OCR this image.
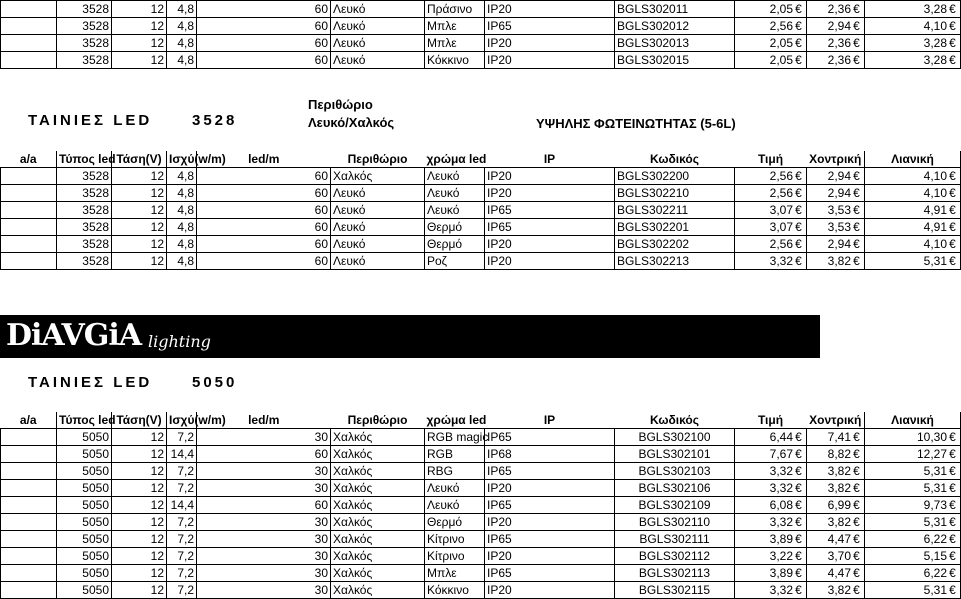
	3528	12	4,8	60	Λευκό	Πράσινο	IP20	BGLS302011	2,05 €	2,36 €	3,28 €
	3528	12	4,8	60	Λευκό	Μπλε	IP65	BGLS302012	2,56 €	2,94 €	4,10 €
	3528	12	4,8	60	Λευκό	Μπλε	IP20	BGLS302013	2,05 €	2,36 €	3,28 €
	3528	12	4,8	60	Λευκό	Κόκκινο	IP20	BGLS302015	2,05 €	2,36 €	3,28 €
ΤΑΙΝΙΕΣ LED	3528
Περιθώριο
Λευκό/Χαλκός	ΥΨΗΛΗΣ ΦΩΤΕΙΝΩΤΗΤΑΣ (5-6L)
a/a	Τύπος led	Τάση(V)	Ισχύ(w/m)	led/m	Περιθώριο	χρώμα led	IP	Κωδικός	Τιμή	Χοντρική	Λιανική
	3528	12	4,8	60	Χαλκός	Λευκό	IP20	BGLS302200	2,56 €	2,94 €	4,10 €
	3528	12	4,8	60	Λευκό	Λευκό	IP20	BGLS302210	2,56 €	2,94 €	4,10 €
	3528	12	4,8	60	Λευκό	Λευκό	IP65	BGLS302211	3,07 €	3,53 €	4,91 €
	3528	12	4,8	60	Λευκό	Θερμό	IP65	BGLS302201	3,07 €	3,53 €	4,91 €
	3528	12	4,8	60	Λευκό	Θερμό	IP20	BGLS302202	2,56 €	2,94 €	4,10 €
	3528	12	4,8	60	Λευκό	Ροζ	IP20	BGLS302213	3,32 €	3,82 €	5,31 €
DiAVGiA lighting
ΤΑΙΝΙΕΣ LED	5050
a/a	Τύπος led	Τάση(V)	Ισχύ(w/m)	led/m	Περιθώριο	χρώμα led	IP	Κωδικός	Τιμή	Χοντρική	Λιανική
	5050	12	7,2	30	Χαλκός	RGB magic	IP65	BGLS302100	6,44 €	7,41 €	10,30 €
	5050	12	14,4	60	Χαλκός	RGB	IP68	BGLS302101	7,67 €	8,82 €	12,27 €
	5050	12	7,2	30	Χαλκός	RBG	IP65	BGLS302103	3,32 €	3,82 €	5,31 €
	5050	12	7,2	30	Χαλκός	Λευκό	IP20	BGLS302106	3,32 €	3,82 €	5,31 €
	5050	12	14,4	60	Χαλκός	Λευκό	IP65	BGLS302109	6,08 €	6,99 €	9,73 €
	5050	12	7,2	30	Χαλκός	Θερμό	IP20	BGLS302110	3,32 €	3,82 €	5,31 €
	5050	12	7,2	30	Χαλκός	Κίτρινο	IP65	BGLS302111	3,89 €	4,47 €	6,22 €
	5050	12	7,2	30	Χαλκός	Κίτρινο	IP20	BGLS302112	3,22 €	3,70 €	5,15 €
	5050	12	7,2	30	Χαλκός	Μπλε	IP65	BGLS302113	3,89 €	4,47 €	6,22 €
	5050	12	7,2	30	Χαλκός	Κόκκινο	IP20	BGLS302115	3,32 €	3,82 €	5,31 €
